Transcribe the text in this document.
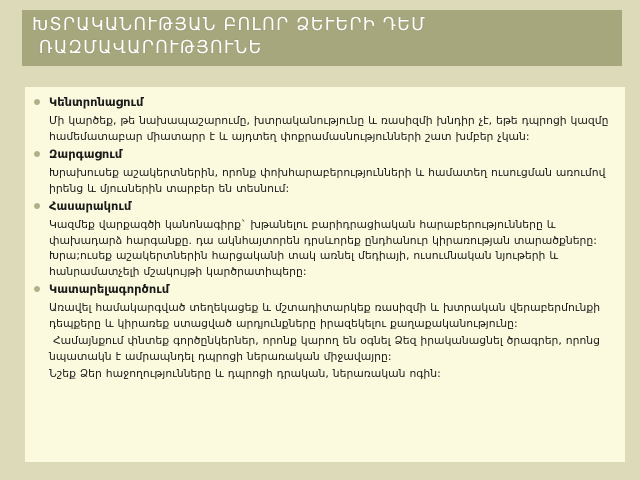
ԽՏՐԱԿԱՆՈՒԹՅԱՆ ԲՈԼՈՐ ՁԵՒԵՐԻ ԴԵՄ
ՌԱԶՄԱՎԱՐՈՒԹՅՈՒՆԵ
Կենտրոնացում
Մի կարծեք, թե նախապաշարումը, խտրականությունը և ռասիզմի խնդիր չէ, եթե դպրոցի կազմը համեմատաբար միատարր է և այդտեղ փոքրամասնությունների շատ խմբեր չկան:
Զարգացում
Խրախուսեք աշակերտներին, որոնք փոխհարաբերությունների և համատեղ ուսուցման առումով իրենց և մյուսներին տարբեր են տեսնում:
Հասարակում
Կազմեք վարքագծի կանոնագիրք` խթանելու բարիդրացիական հարաբերությունները և փախադարձ հարգանքը. դա ակնհայտորեն դրսևորեք ընդհանուր կիրառության տարածքները: Խրա;ուսեք աշակերտներին հարցականի տակ առնել մեդիայի, ուսումնական նյութերի և հանրամատչելի մշակույթի կարծրատիպերը:
Կատարելագործում
Առավել համակարգված տեղեկացեք և մշտադիտարկեք ռասիզմի և խտրական վերաբերմունքի դեպքերը և կիրառեք ստացված արդյունքները իրազեկելու քաղաքականությունը:
Համայնքում փնտեք գործընկերներ, որոնք կարող են օգնել Ձեզ իրականացնել ծրագրեր, որոնց նպատակն է ամրապնդել դպրոցի ներառական միջավայրը:
Նշեք Ձեր հաջողությունները և դպրոցի դրական, ներառական ոգին:
